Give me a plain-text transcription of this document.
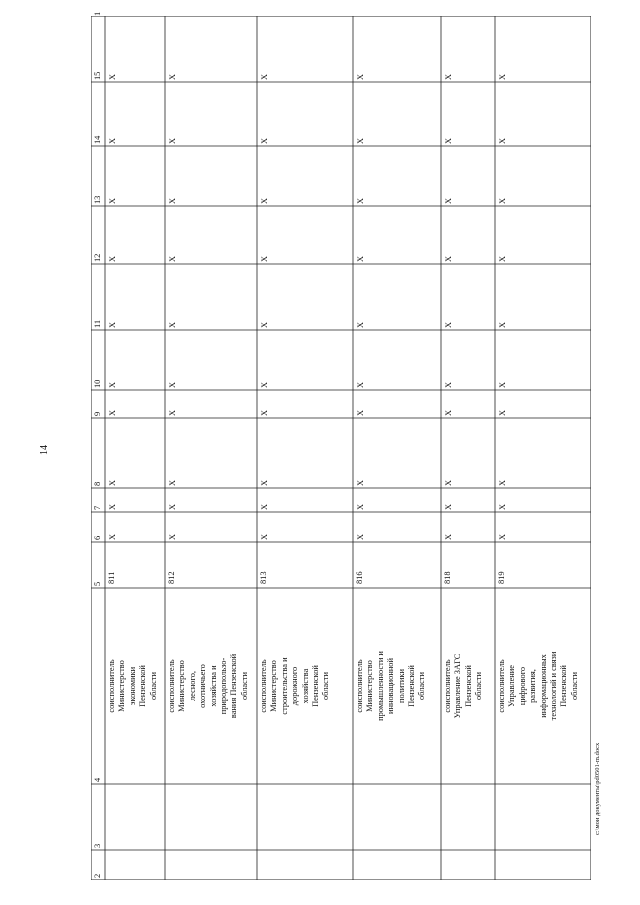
14
c:\мои документы\pd0501-m.docx
15
14
13
12
11
10
9
8
7
6
5
4
3
2
1
соисполнитель Министерство экономики Пензенской области
811
Х
Х
Х
Х
Х
Х
Х
Х
Х
Х
соисполнитель Министерство лесного, охотничьего хозяйства и природопользо- вания Пензенской области
812
Х
Х
Х
Х
Х
Х
Х
Х
Х
Х
соисполнитель Министерство строительства и дорожного хозяйства Пензенской области
813
Х
Х
Х
Х
Х
Х
Х
Х
Х
Х
соисполнитель Министерство промышленности и инновационной политики Пензенской области
816
Х
Х
Х
Х
Х
Х
Х
Х
Х
Х
соисполнитель Управление ЗАГС Пензенской области
818
Х
Х
Х
Х
Х
Х
Х
Х
Х
Х
соисполнитель Управление цифрового развития, информационных технологий и связи Пензенской области
819
Х
Х
Х
Х
Х
Х
Х
Х
Х
Х
